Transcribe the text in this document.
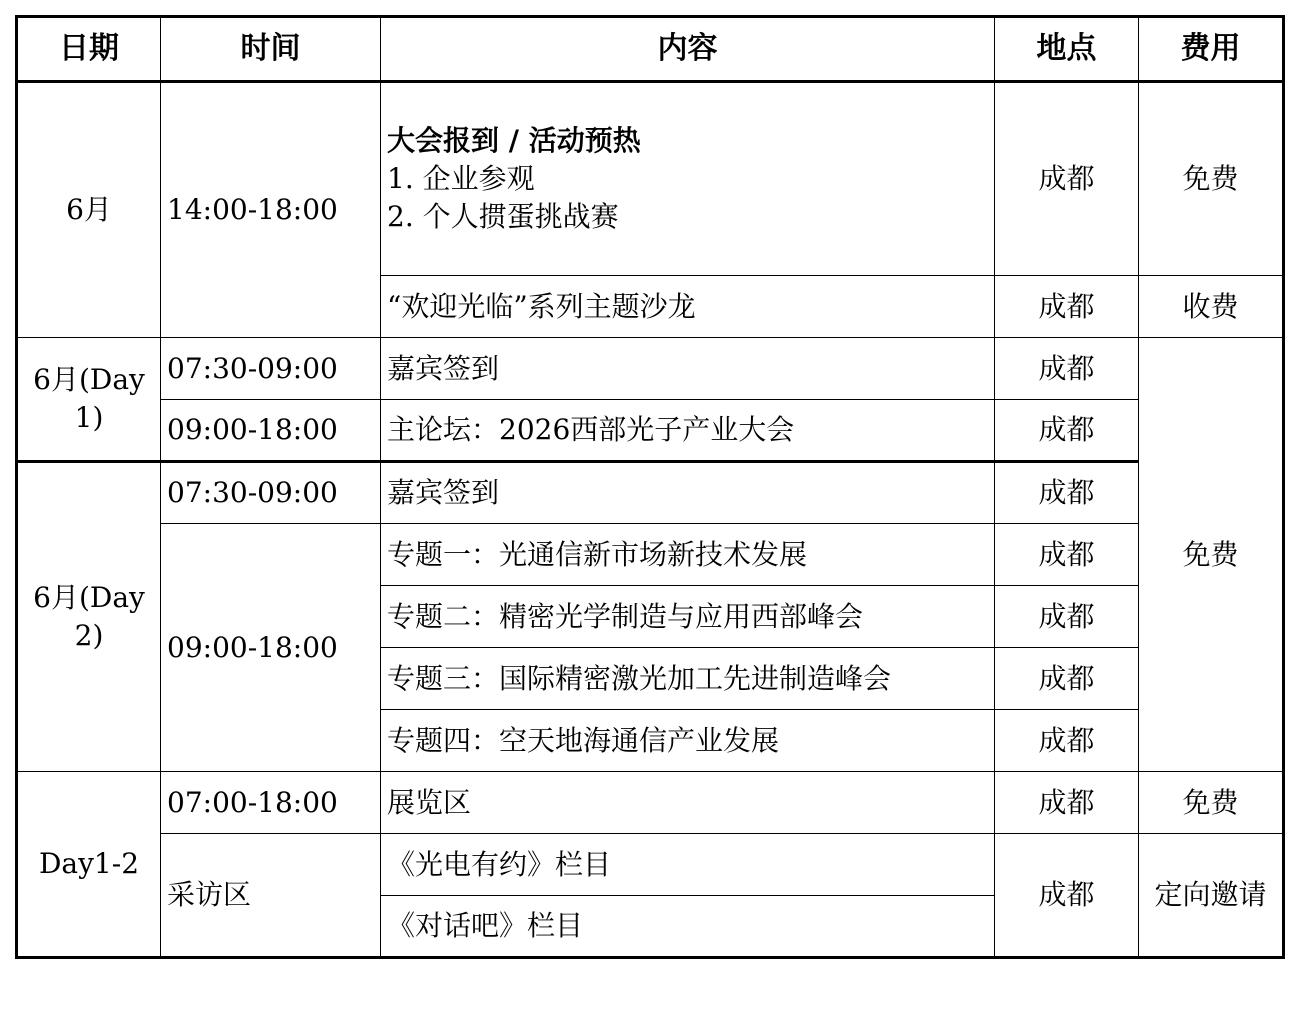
日期	时间	内容	地点	费用
6月	14:00-18:00	大会报到 / 活动预热
1. 企业参观
2. 个人掼蛋挑战赛	成都	免费
		“欢迎光临”系列主题沙龙	成都	收费
6月(Day 1)	07:30-09:00	嘉宾签到	成都	免费
	09:00-18:00	主论坛：2026西部光子产业大会	成都	
6月(Day 2)	07:30-09:00	嘉宾签到	成都	
	09:00-18:00	专题一：光通信新市场新技术发展	成都	
		专题二：精密光学制造与应用西部峰会	成都	
		专题三：国际精密激光加工先进制造峰会	成都	
		专题四：空天地海通信产业发展	成都	
Day1-2	07:00-18:00	展览区	成都	免费
	采访区	《光电有约》栏目	成都	定向邀请
		《对话吧》栏目		
